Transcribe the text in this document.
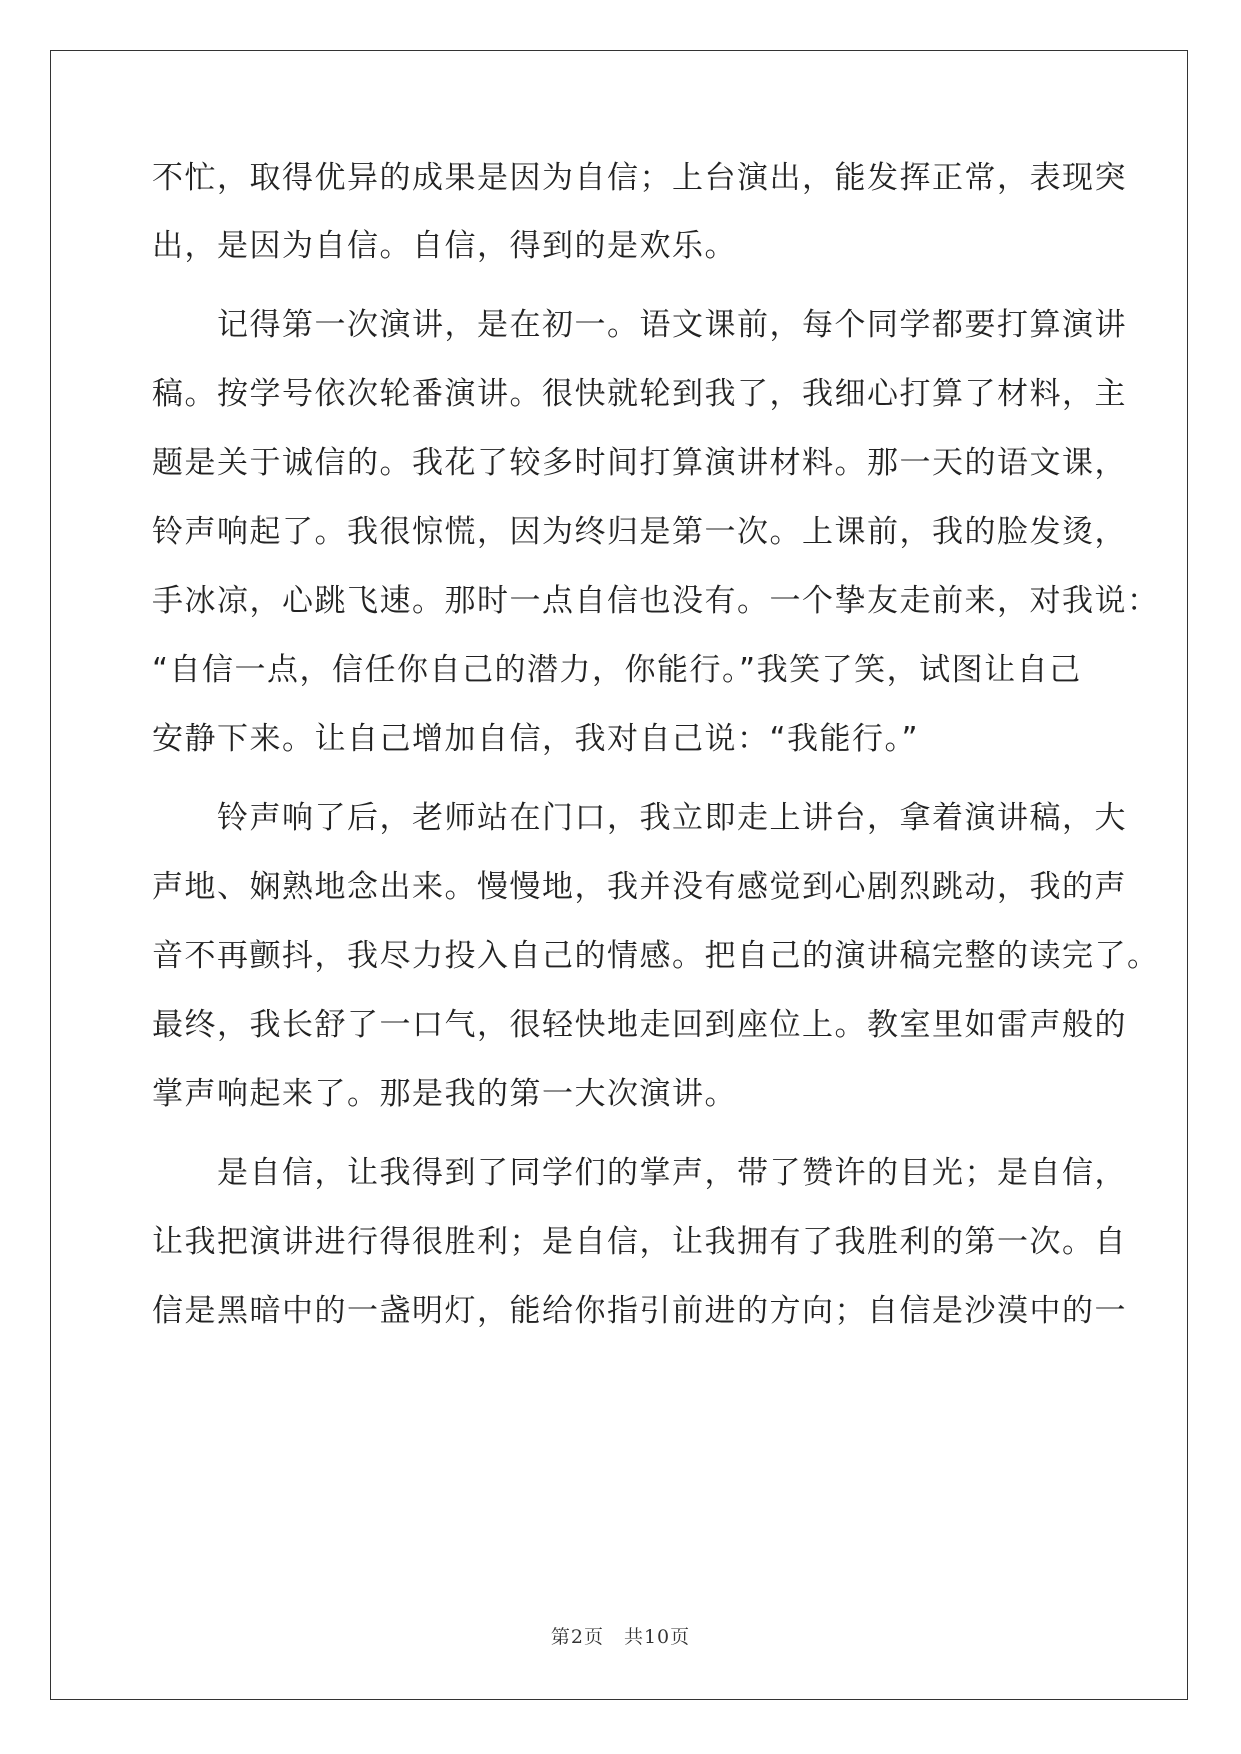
不忙，取得优异的成果是因为自信；上台演出，能发挥正常，表现突
出，是因为自信。自信，得到的是欢乐。
　　记得第一次演讲，是在初一。语文课前，每个同学都要打算演讲
稿。按学号依次轮番演讲。很快就轮到我了，我细心打算了材料，主
题是关于诚信的。我花了较多时间打算演讲材料。那一天的语文课，
铃声响起了。我很惊慌，因为终归是第一次。上课前，我的脸发烫，
手冰凉，心跳飞速。那时一点自信也没有。一个挚友走前来，对我说：
“自信一点，信任你自己的潜力，你能行。”我笑了笑，试图让自己
安静下来。让自己增加自信，我对自己说：“我能行。”
　　铃声响了后，老师站在门口，我立即走上讲台，拿着演讲稿，大
声地、娴熟地念出来。慢慢地，我并没有感觉到心剧烈跳动，我的声
音不再颤抖，我尽力投入自己的情感。把自己的演讲稿完整的读完了。
最终，我长舒了一口气，很轻快地走回到座位上。教室里如雷声般的
掌声响起来了。那是我的第一大次演讲。
　　是自信，让我得到了同学们的掌声，带了赞许的目光；是自信，
让我把演讲进行得很胜利；是自信，让我拥有了我胜利的第一次。自
信是黑暗中的一盏明灯，能给你指引前进的方向；自信是沙漠中的一
第2页　共10页
